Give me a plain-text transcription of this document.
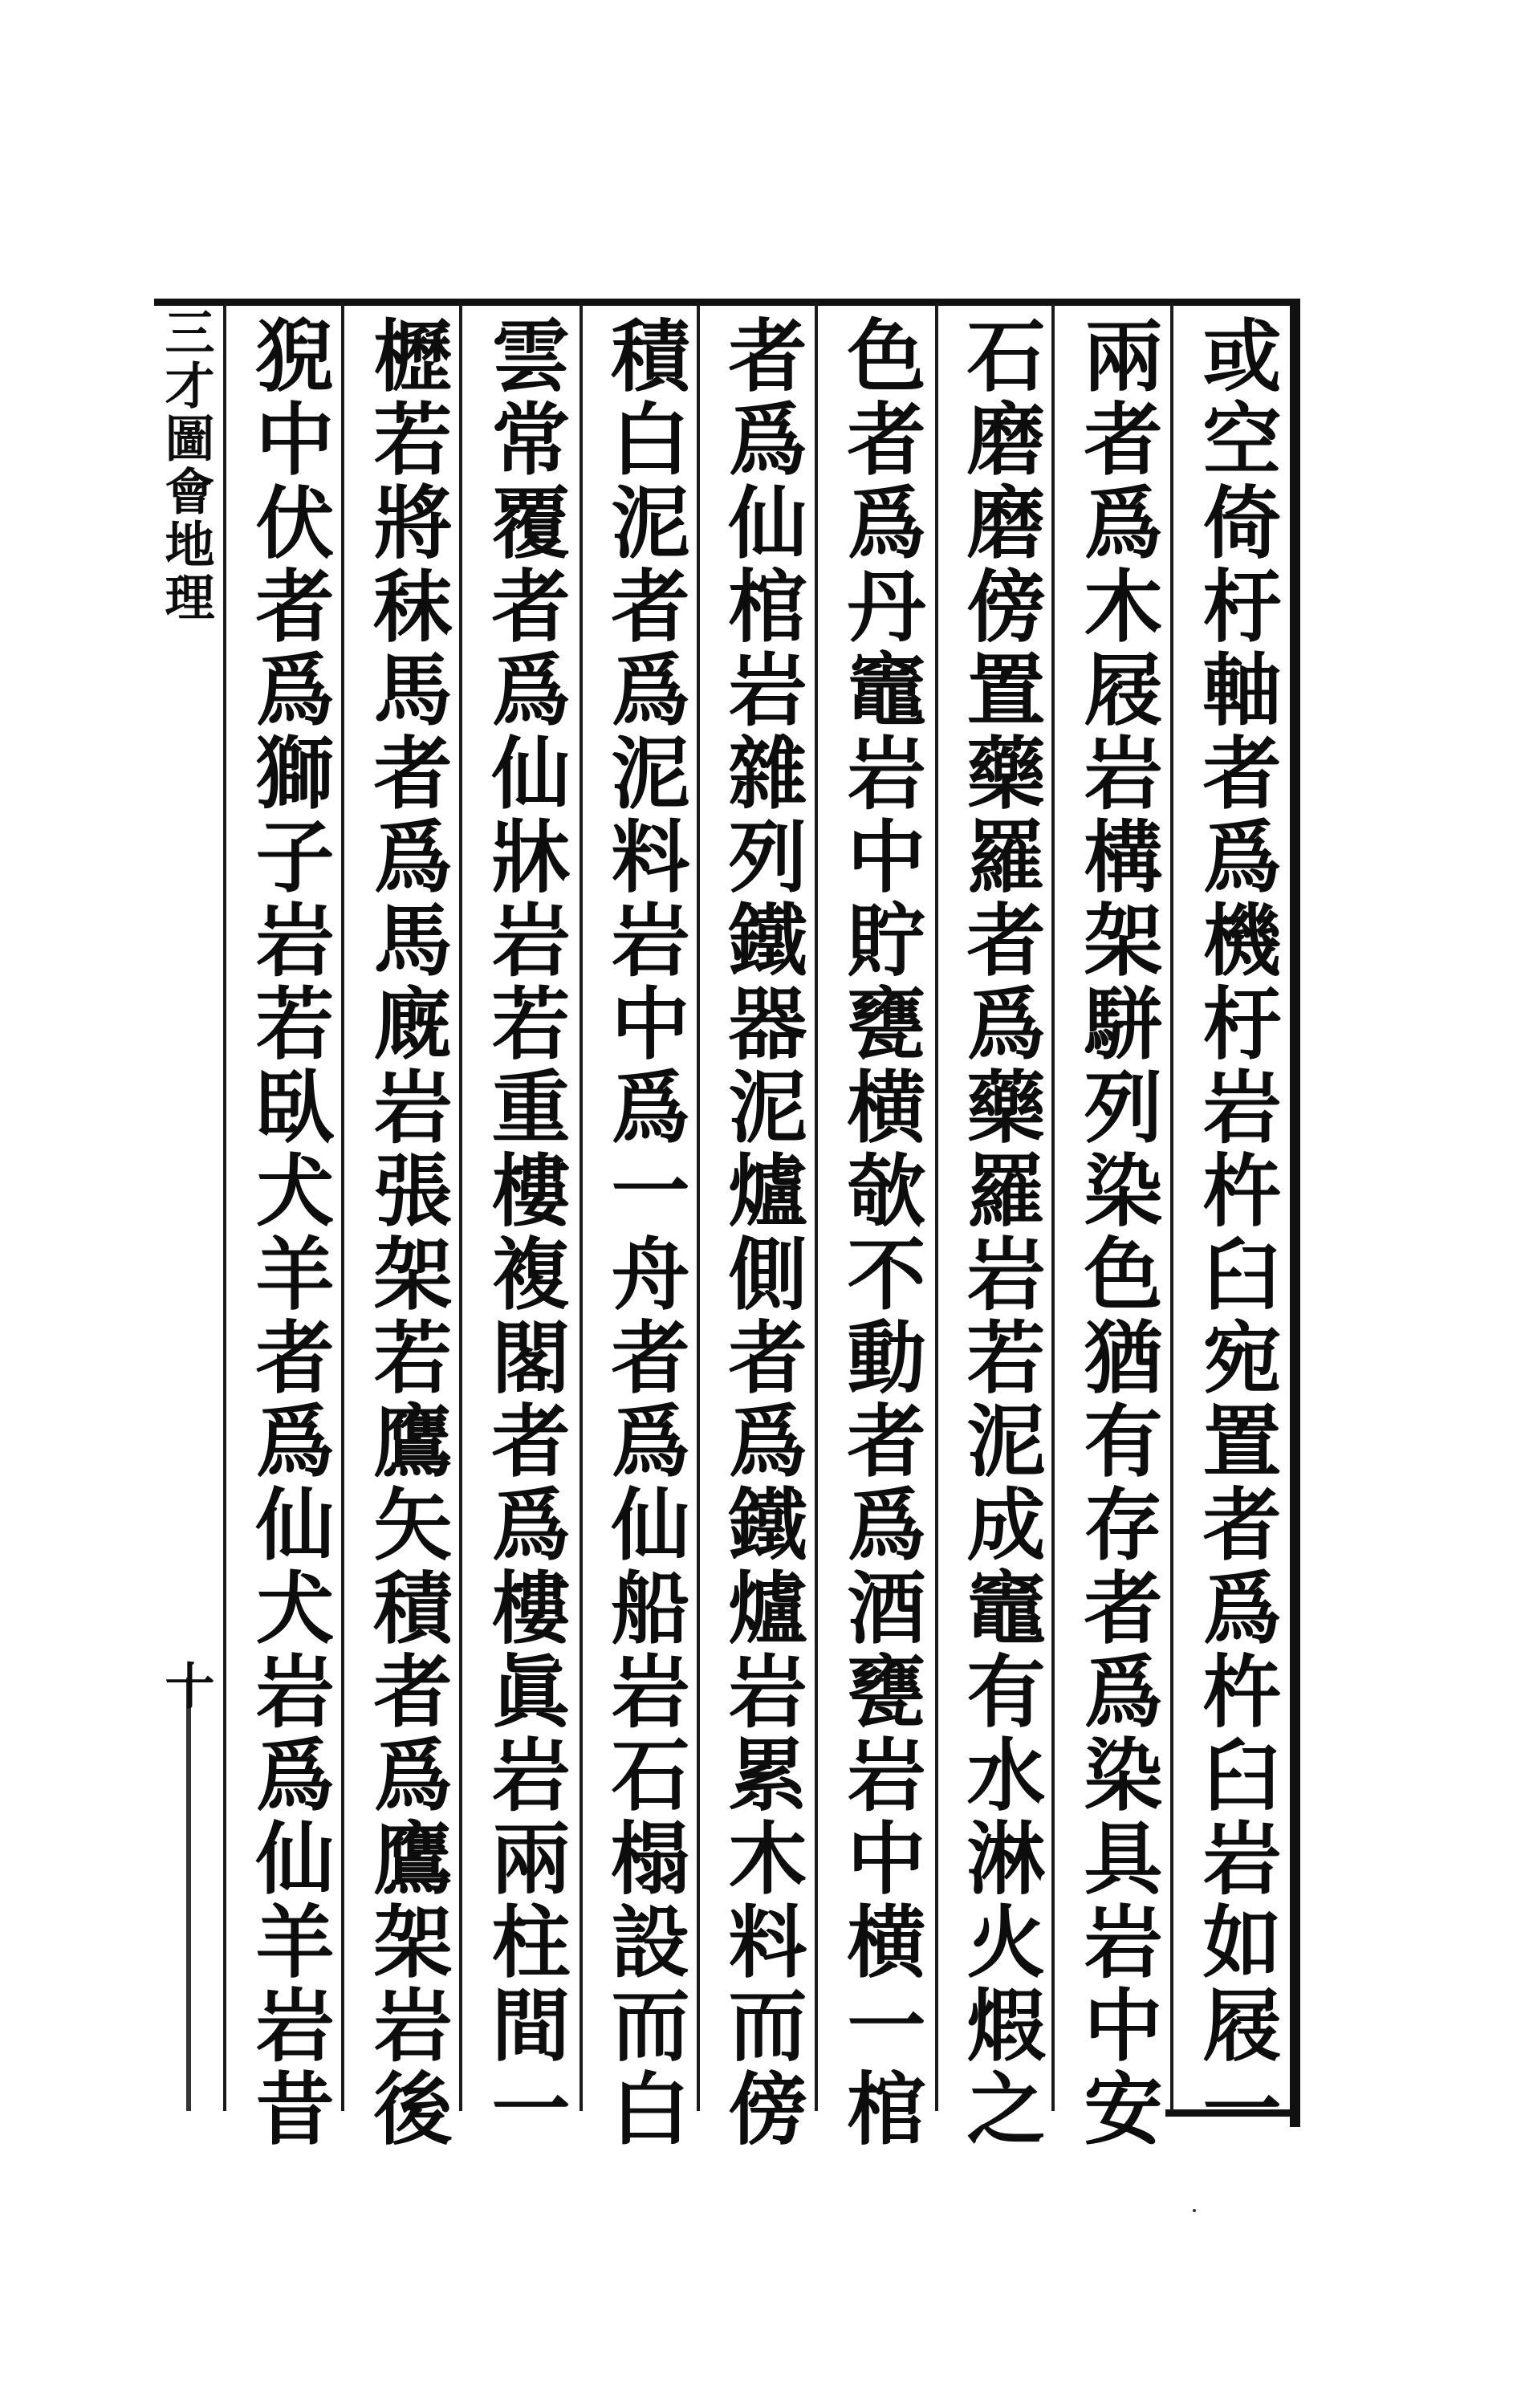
或空倚杅軸者爲機杅岩杵臼宛置者爲杵臼岩如屐一
兩者爲木屐岩構架駢列染色猶有存者爲染具岩中安
石磨磨傍置藥羅者爲藥羅岩若泥成竈有水淋火煆之
色者爲丹竈岩中貯甕横欹不動者爲酒甕岩中横一棺
者爲仙棺岩雜列鐵器泥爐側者爲鐵爐岩累木料而傍
積白泥者爲泥料岩中爲一舟者爲仙船岩石榻設而白
雲常覆者爲仙牀岩若重樓複閣者爲樓眞岩兩柱間一
櫪若將秣馬者爲馬廐岩張架若鷹矢積者爲鷹架岩後
猊中伏者爲獅子岩若臥犬羊者爲仙犬岩爲仙羊岩昔
三才圖會地理
十
